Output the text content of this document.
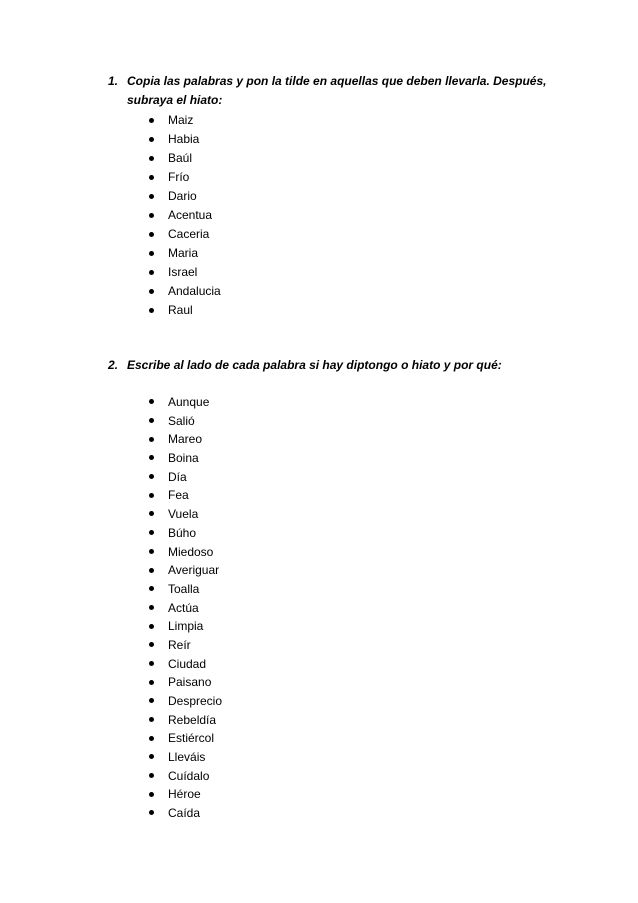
1. Copia las palabras y pon la tilde en aquellas que deben llevarla. Después, subraya el hiato:
Maiz
Habia
Baúl
Frío
Dario
Acentua
Caceria
Maria
Israel
Andalucia
Raul
2. Escribe al lado de cada palabra si hay diptongo o hiato y por qué:
Aunque
Salió
Mareo
Boina
Día
Fea
Vuela
Búho
Miedoso
Averiguar
Toalla
Actúa
Limpia
Reír
Ciudad
Paisano
Desprecio
Rebeldía
Estiércol
Lleváis
Cuídalo
Héroe
Caída
